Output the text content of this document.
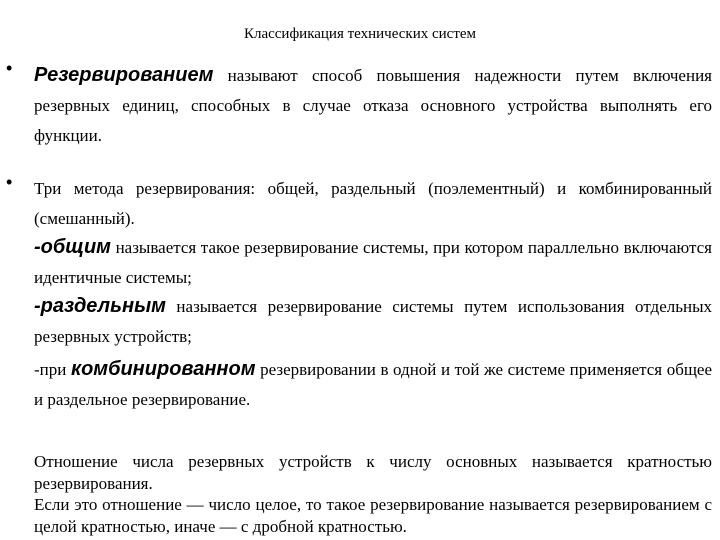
Классификация технических систем
• Резервированием называют способ повышения надежности путем включения резервных единиц, способных в случае отказа основного устройства выполнять его функции.
• Три метода резервирования: общей, раздельный (поэлементный) и комбинированный (смешанный).
-общим называется такое резервирование системы, при котором параллельно включаются идентичные системы;
-раздельным называется резервирование системы путем использования отдельных резервных устройств;
-при комбинированном резервировании в одной и той же системе применяется общее и раздельное резервирование.
Отношение числа резервных устройств к числу основных называется кратностью резервирования.
Если это отношение — число целое, то такое резервирование называется резервированием с целой кратностью, иначе — с дробной кратностью.
